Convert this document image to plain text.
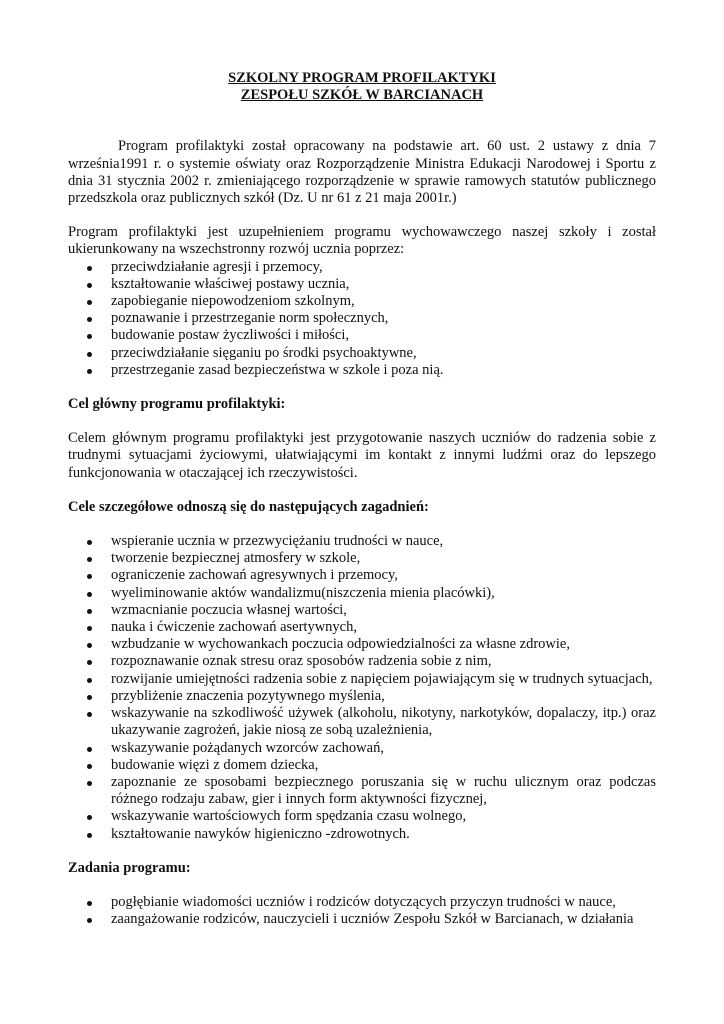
SZKOLNY PROGRAM PROFILAKTYKI

ZESPOŁU SZKÓŁ W BARCIANACH

Program profilaktyki został opracowany na podstawie art. 60 ust. 2 ustawy z dnia 7 września1991 r. o systemie oświaty oraz Rozporządzenie Ministra Edukacji Narodowej i Sportu z dnia 31 stycznia 2002 r. zmieniającego rozporządzenie w sprawie ramowych statutów publicznego przedszkola oraz publicznych szkół (Dz. U nr 61 z 21 maja 2001r.)

Program profilaktyki jest uzupełnieniem programu wychowawczego naszej szkoły i został ukierunkowany na wszechstronny rozwój ucznia poprzez:

przeciwdziałanie agresji i przemocy,
kształtowanie właściwej postawy ucznia,
zapobieganie niepowodzeniom szkolnym,
poznawanie i przestrzeganie norm społecznych,
budowanie postaw życzliwości i miłości,
przeciwdziałanie sięganiu po środki psychoaktywne,
przestrzeganie zasad bezpieczeństwa w szkole i poza nią.

Cel główny programu profilaktyki:

Celem głównym programu profilaktyki jest przygotowanie naszych uczniów do radzenia sobie z trudnymi sytuacjami życiowymi, ułatwiającymi im kontakt z innymi ludźmi oraz do lepszego funkcjonowania w otaczającej ich rzeczywistości.

Cele szczegółowe odnoszą się do następujących zagadnień:

wspieranie ucznia w przezwyciężaniu trudności w nauce,
tworzenie bezpiecznej atmosfery w szkole,
ograniczenie zachowań agresywnych i przemocy,
wyeliminowanie aktów wandalizmu(niszczenia mienia placówki),
wzmacnianie poczucia własnej wartości,
nauka i ćwiczenie zachowań asertywnych,
wzbudzanie w wychowankach poczucia odpowiedzialności za własne zdrowie,
rozpoznawanie oznak stresu oraz sposobów radzenia sobie z nim,
rozwijanie umiejętności radzenia sobie z napięciem pojawiającym się w trudnych sytuacjach,
przybliżenie znaczenia pozytywnego myślenia,
wskazywanie na szkodliwość używek (alkoholu, nikotyny, narkotyków, dopalaczy, itp.) oraz ukazywanie zagrożeń, jakie niosą ze sobą uzależnienia,
wskazywanie pożądanych wzorców zachowań,
budowanie więzi z domem dziecka,
zapoznanie ze sposobami bezpiecznego poruszania się w ruchu ulicznym oraz podczas różnego rodzaju zabaw, gier i innych form aktywności fizycznej,
wskazywanie wartościowych form spędzania czasu wolnego,
kształtowanie nawyków higieniczno -zdrowotnych.

Zadania programu:

pogłębianie wiadomości uczniów i rodziców dotyczących przyczyn trudności w nauce,
zaangażowanie rodziców, nauczycieli i uczniów Zespołu Szkół w Barcianach, w działania
